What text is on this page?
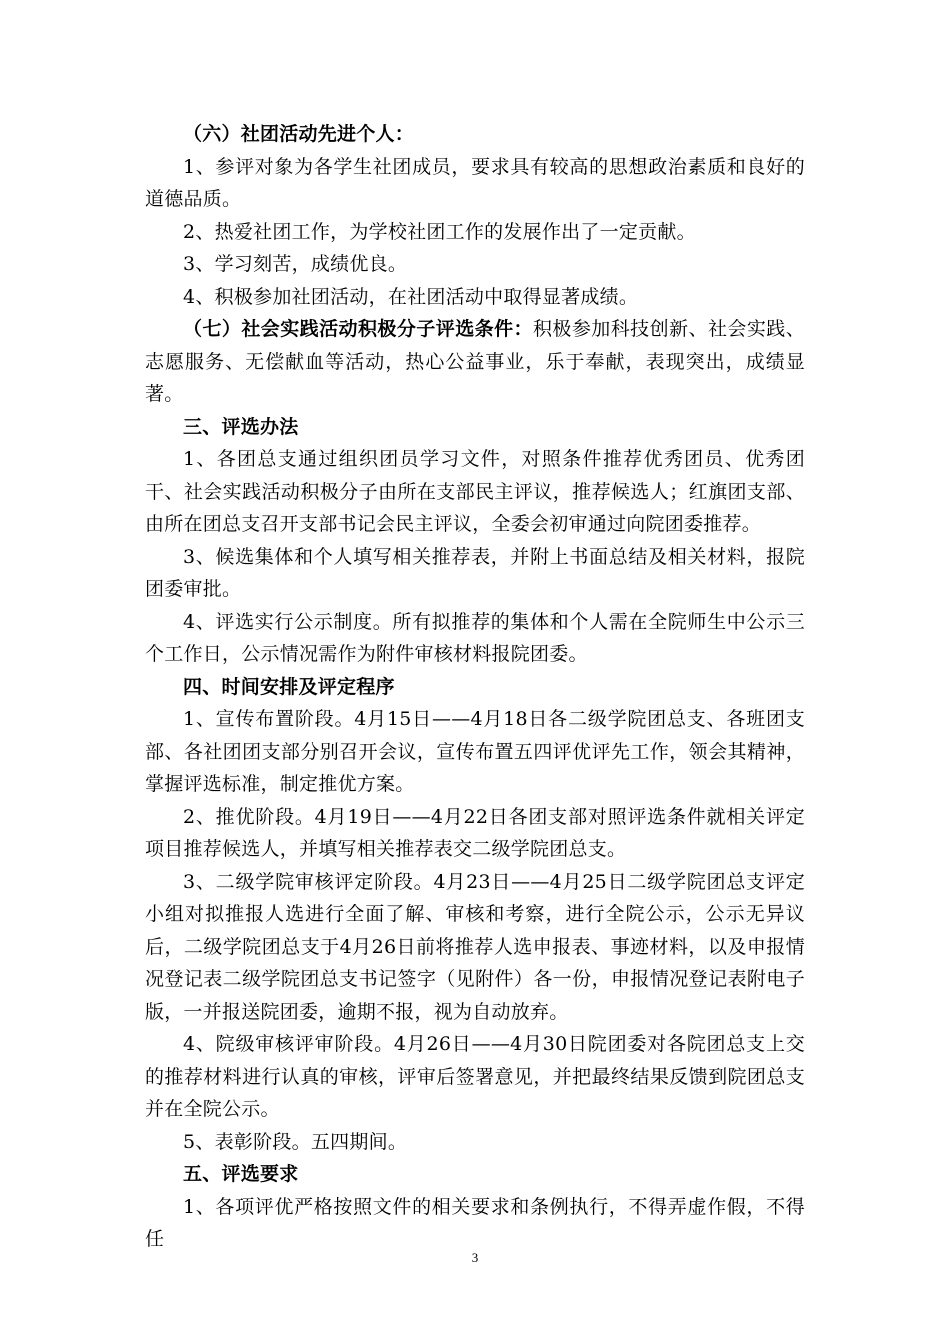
（六）社团活动先进个人：

1、参评对象为各学生社团成员，要求具有较高的思想政治素质和良好的道德品质。

2、热爱社团工作，为学校社团工作的发展作出了一定贡献。

3、学习刻苦，成绩优良。

4、积极参加社团活动，在社团活动中取得显著成绩。

（七）社会实践活动积极分子评选条件：积极参加科技创新、社会实践、志愿服务、无偿献血等活动，热心公益事业，乐于奉献，表现突出，成绩显著。

三、评选办法

1、各团总支通过组织团员学习文件，对照条件推荐优秀团员、优秀团干、社会实践活动积极分子由所在支部民主评议，推荐候选人；红旗团支部、由所在团总支召开支部书记会民主评议，全委会初审通过向院团委推荐。

3、候选集体和个人填写相关推荐表，并附上书面总结及相关材料，报院团委审批。

4、评选实行公示制度。所有拟推荐的集体和个人需在全院师生中公示三个工作日，公示情况需作为附件审核材料报院团委。

四、时间安排及评定程序

1、宣传布置阶段。4月15日——4月18日各二级学院团总支、各班团支部、各社团团支部分别召开会议，宣传布置五四评优评先工作，领会其精神，掌握评选标准，制定推优方案。

2、推优阶段。4月19日——4月22日各团支部对照评选条件就相关评定项目推荐候选人，并填写相关推荐表交二级学院团总支。

3、二级学院审核评定阶段。4月23日——4月25日二级学院团总支评定小组对拟推报人选进行全面了解、审核和考察，进行全院公示，公示无异议后，二级学院团总支于4月26日前将推荐人选申报表、事迹材料，以及申报情况登记表二级学院团总支书记签字（见附件）各一份，申报情况登记表附电子版，一并报送院团委，逾期不报，视为自动放弃。

4、院级审核评审阶段。4月26日——4月30日院团委对各院团总支上交的推荐材料进行认真的审核，评审后签署意见，并把最终结果反馈到院团总支并在全院公示。

5、表彰阶段。五四期间。

五、评选要求

1、各项评优严格按照文件的相关要求和条例执行，不得弄虚作假，不得任

3
